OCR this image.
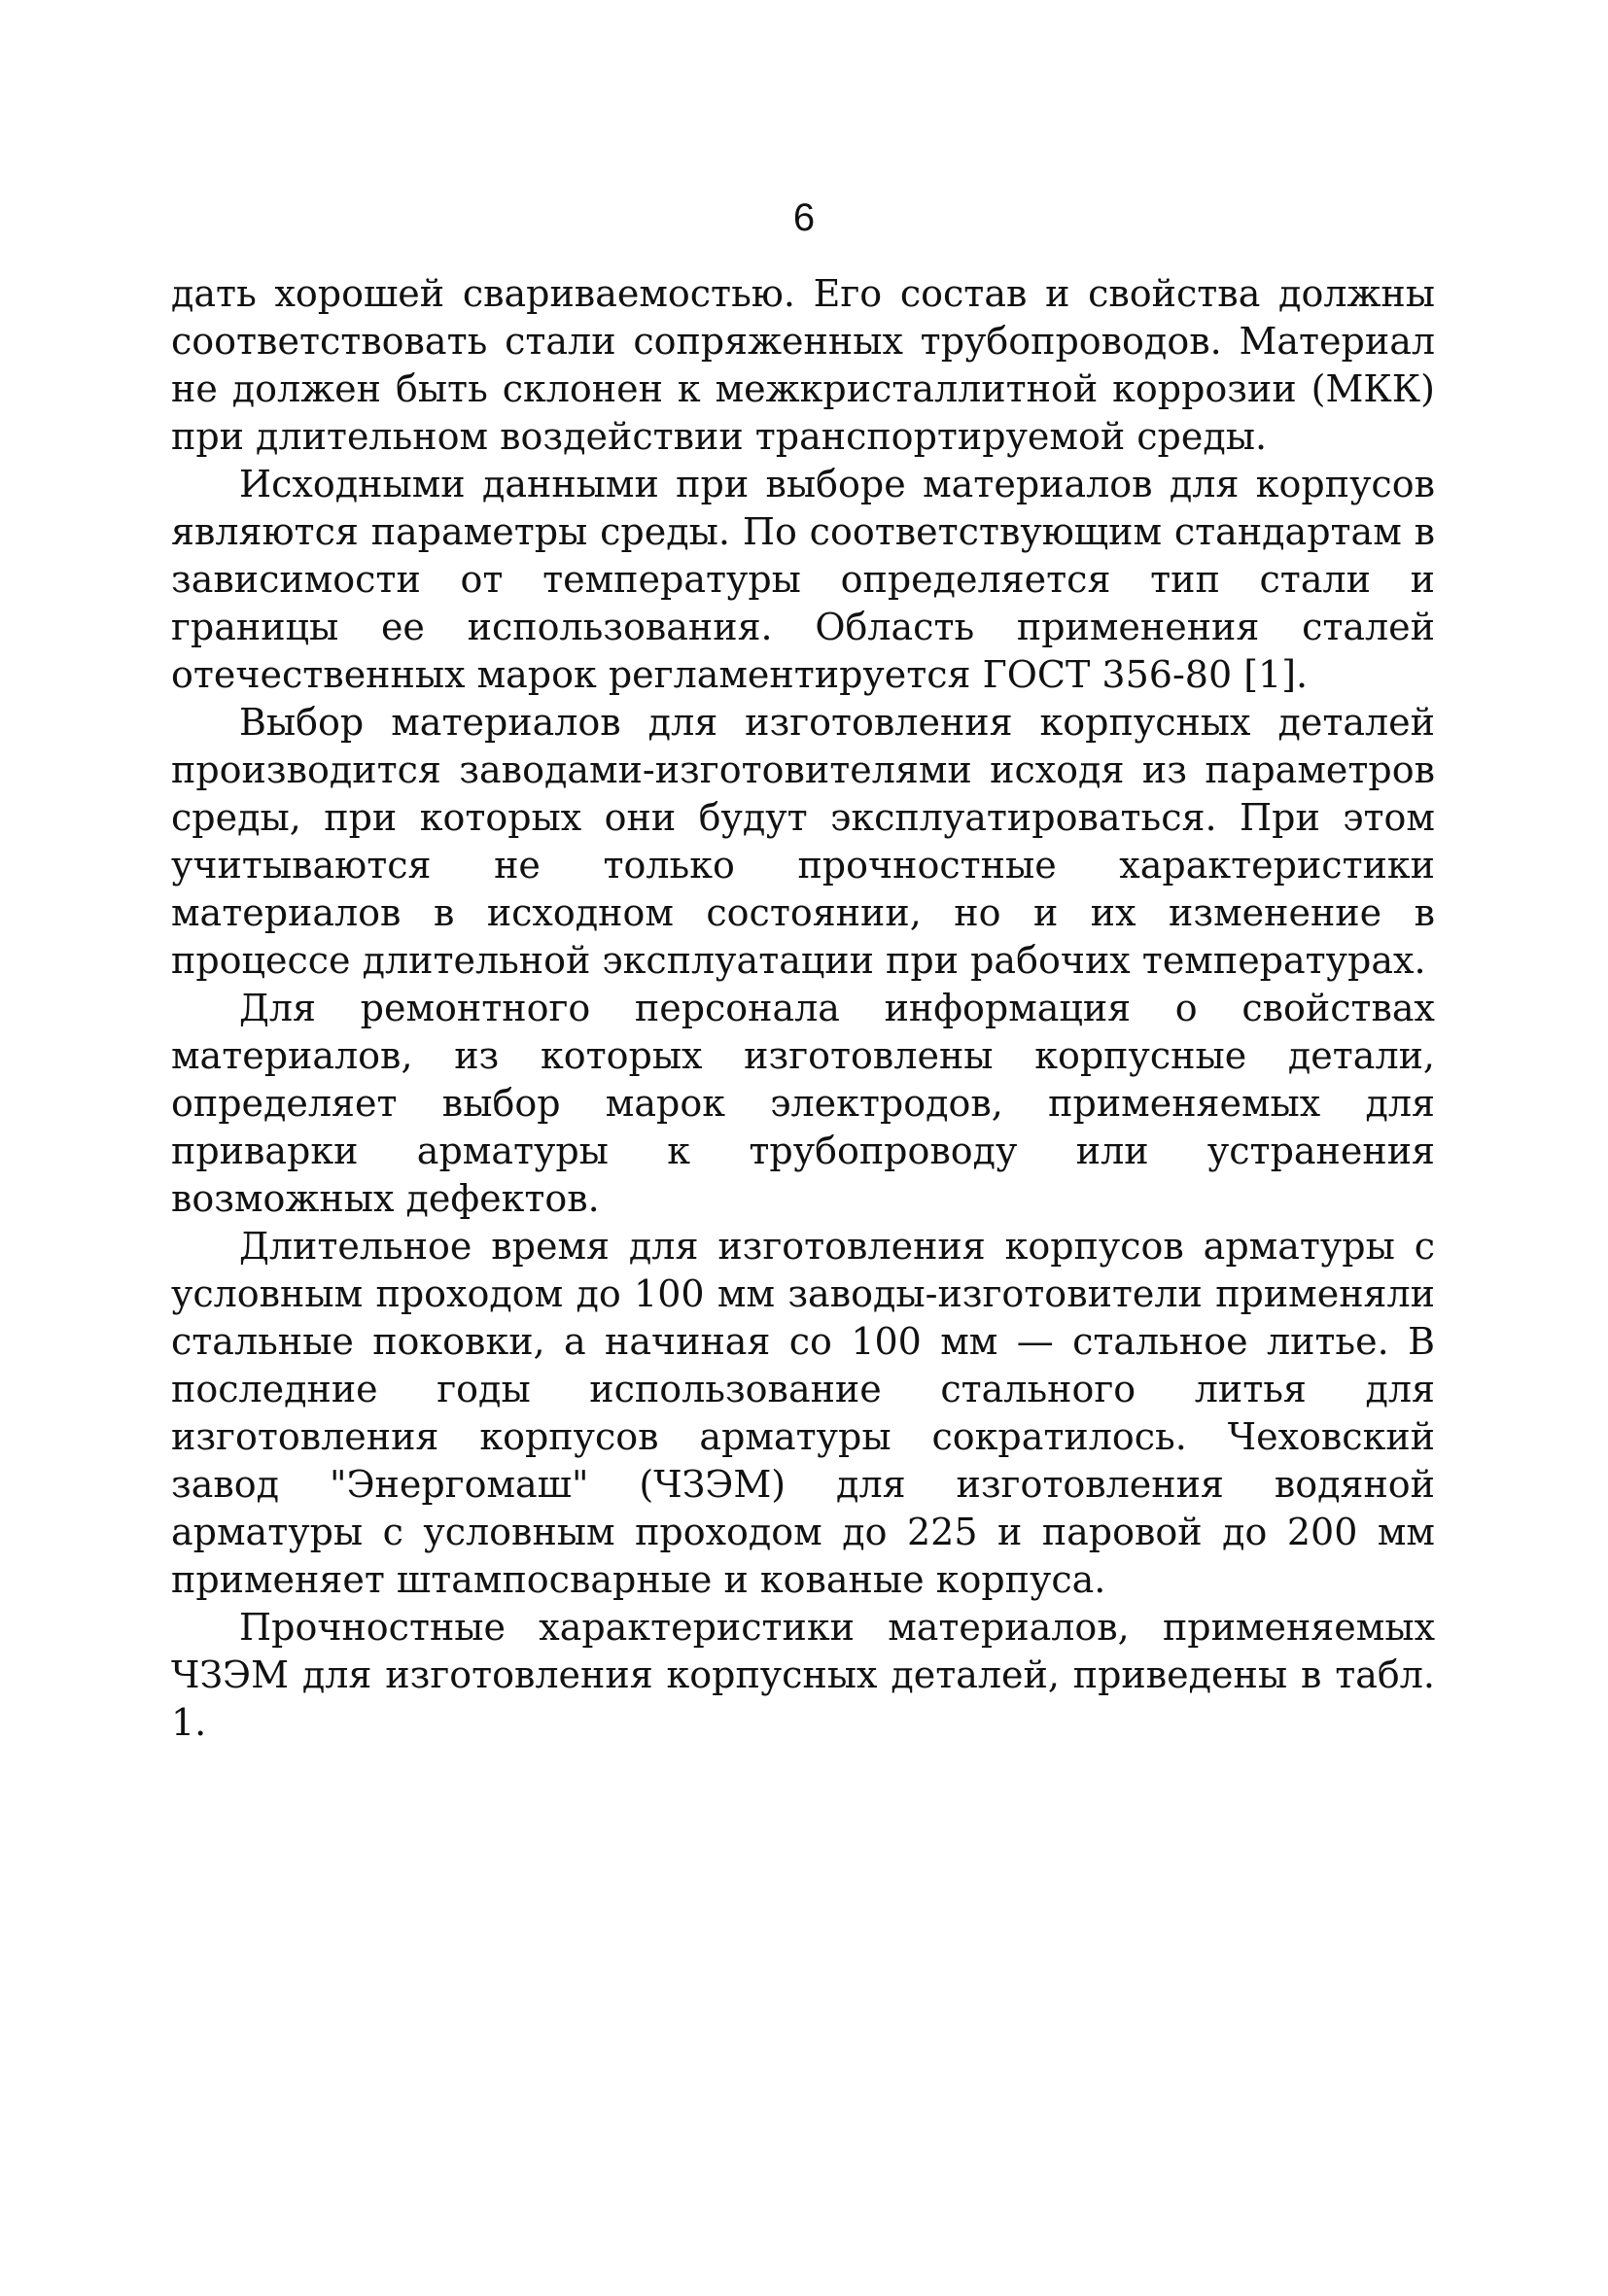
6

дать хорошей свариваемостью. Его состав и свойства должны соответствовать стали сопряженных трубопроводов. Материал не должен быть склонен к межкристаллитной коррозии (МКК) при длительном воздействии транспортируемой среды.

Исходными данными при выборе материалов для корпусов являются параметры среды. По соответствующим стандартам в зависимости от температуры определяется тип стали и границы ее использования. Область применения сталей отечественных марок регламентируется ГОСТ 356-80 [1].

Выбор материалов для изготовления корпусных деталей производится заводами-изготовителями исходя из параметров среды, при которых они будут эксплуатироваться. При этом учитываются не только прочностные характеристики материалов в исходном состоянии, но и их изменение в процессе длительной эксплуатации при рабочих температурах.

Для ремонтного персонала информация о свойствах материалов, из которых изготовлены корпусные детали, определяет выбор марок электродов, применяемых для приварки арматуры к трубопроводу или устранения возможных дефектов.

Длительное время для изготовления корпусов арматуры с условным проходом до 100 мм заводы-изготовители применяли стальные поковки, а начиная со 100 мм — стальное литье. В последние годы использование стального литья для изготовления корпусов арматуры сократилось. Чеховский завод "Энергомаш" (ЧЗЭМ) для изготовления водяной арматуры с условным проходом до 225 и паровой до 200 мм применяет штампосварные и кованые корпуса.

Прочностные характеристики материалов, применяемых ЧЗЭМ для изготовления корпусных деталей, приведены в табл. 1.
